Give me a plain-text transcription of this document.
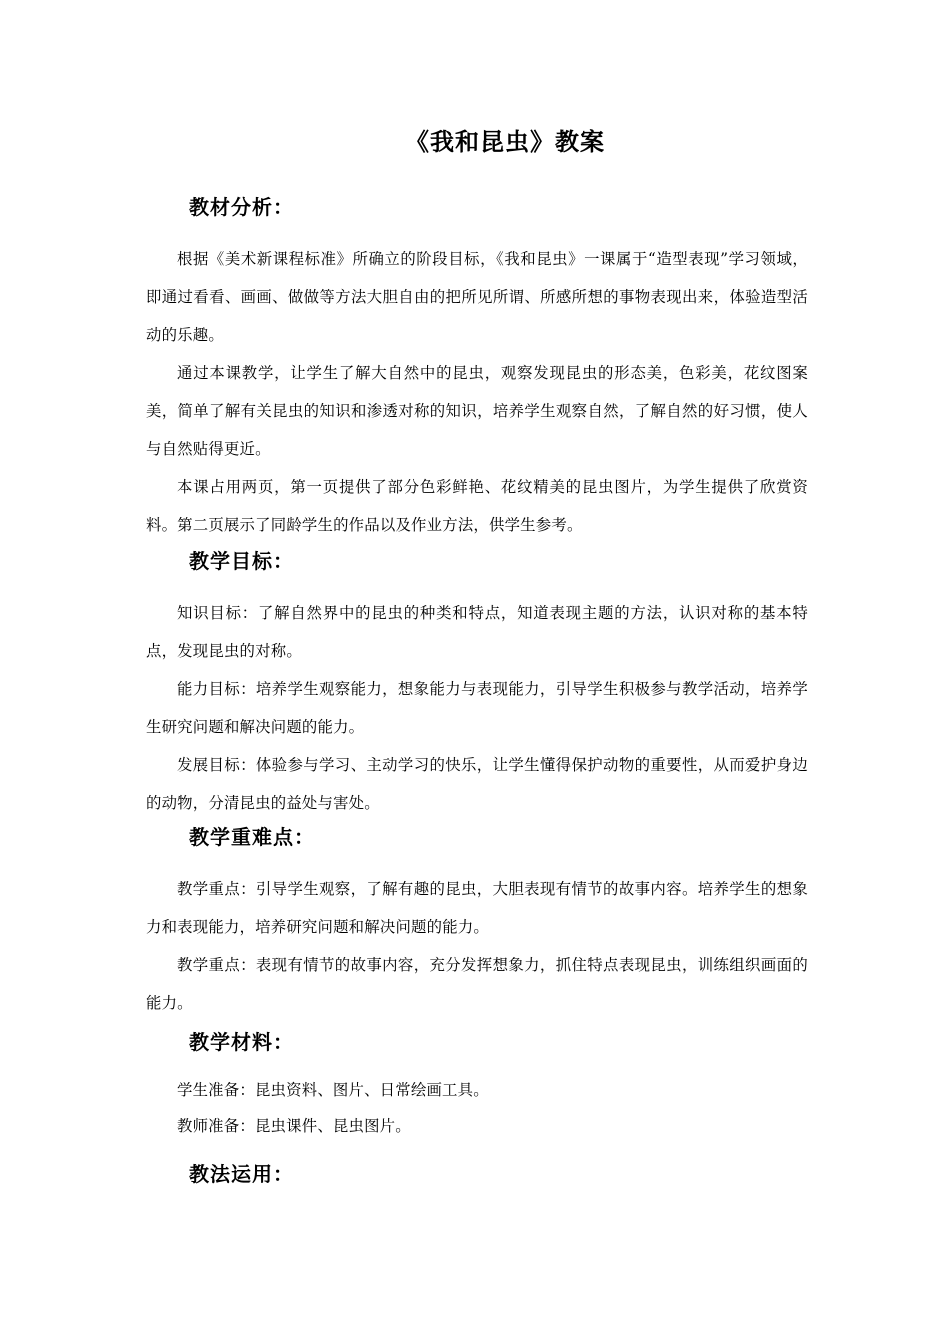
《我和昆虫》教案
教材分析：
根据《美术新课程标准》所确立的阶段目标，《我和昆虫》一课属于“造型表现”学习领域，即通过看看、画画、做做等方法大胆自由的把所见所谓、所感所想的事物表现出来，体验造型活动的乐趣。
通过本课教学，让学生了解大自然中的昆虫，观察发现昆虫的形态美，色彩美，花纹图案美，简单了解有关昆虫的知识和渗透对称的知识，培养学生观察自然，了解自然的好习惯，使人与自然贴得更近。
本课占用两页，第一页提供了部分色彩鲜艳、花纹精美的昆虫图片，为学生提供了欣赏资料。第二页展示了同龄学生的作品以及作业方法，供学生参考。
教学目标：
知识目标：了解自然界中的昆虫的种类和特点，知道表现主题的方法，认识对称的基本特点，发现昆虫的对称。
能力目标：培养学生观察能力，想象能力与表现能力，引导学生积极参与教学活动，培养学生研究问题和解决问题的能力。
发展目标：体验参与学习、主动学习的快乐，让学生懂得保护动物的重要性，从而爱护身边的动物，分清昆虫的益处与害处。
教学重难点：
教学重点：引导学生观察，了解有趣的昆虫，大胆表现有情节的故事内容。培养学生的想象力和表现能力，培养研究问题和解决问题的能力。
教学重点：表现有情节的故事内容，充分发挥想象力，抓住特点表现昆虫，训练组织画面的能力。
教学材料：
学生准备：昆虫资料、图片、日常绘画工具。
教师准备：昆虫课件、昆虫图片。
教法运用：
